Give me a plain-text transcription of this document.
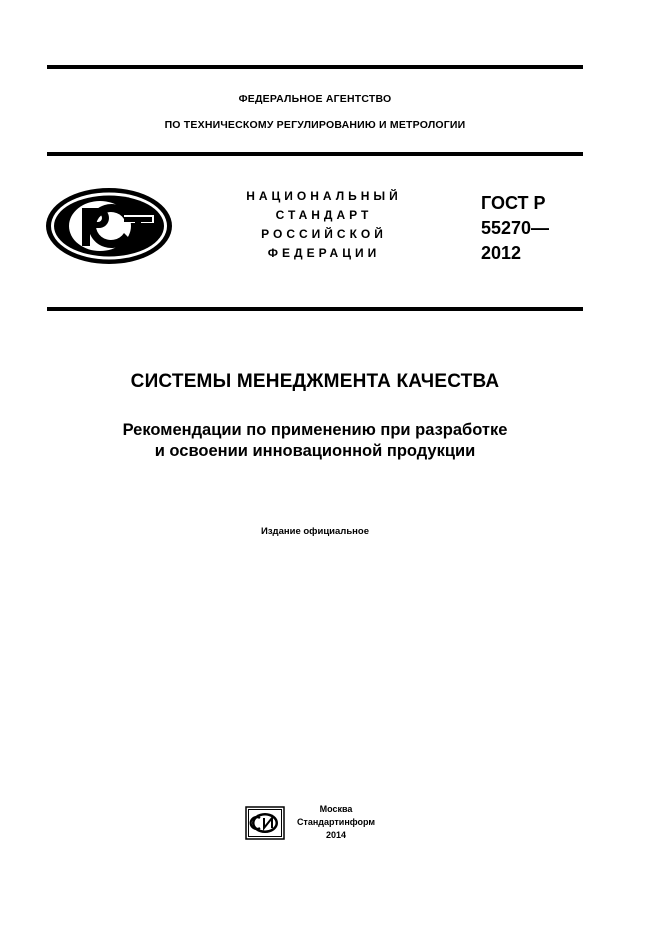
ФЕДЕРАЛЬНОЕ АГЕНТСТВО
ПО ТЕХНИЧЕСКОМУ РЕГУЛИРОВАНИЮ И МЕТРОЛОГИИ
НАЦИОНАЛЬНЫЙ
СТАНДАРТ
РОССИЙСКОЙ
ФЕДЕРАЦИИ
ГОСТ Р
55270—
2012
СИСТЕМЫ МЕНЕДЖМЕНТА КАЧЕСТВА
Рекомендации по применению при разработке
и освоении инновационной продукции
Издание официальное
Москва
Стандартинформ
2014
